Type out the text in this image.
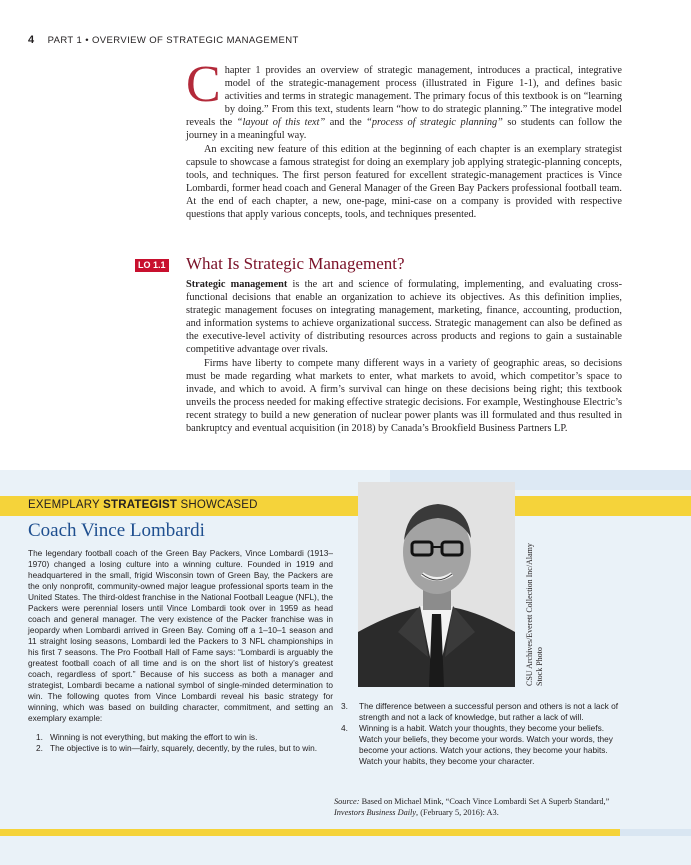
4 PART 1 • OVERVIEW OF STRATEGIC MANAGEMENT

Chapter 1 provides an overview of strategic management, introduces a practical, integrative model of the strategic-management process (illustrated in Figure 1-1), and defines basic activities and terms in strategic management. The primary focus of this textbook is on “learning by doing.” From this text, students learn “how to do strategic planning.” The integrative model reveals the “layout of this text” and the “process of strategic planning” so students can follow the journey in a meaningful way.

An exciting new feature of this edition at the beginning of each chapter is an exemplary strategist capsule to showcase a famous strategist for doing an exemplary job applying strategic-planning concepts, tools, and techniques. The first person featured for excellent strategic-management practices is Vince Lombardi, former head coach and General Manager of the Green Bay Packers professional football team. At the end of each chapter, a new, one-page, mini-case on a company is provided with respective questions that apply various concepts, tools, and techniques presented.

LO 1.1 What Is Strategic Management?

Strategic management is the art and science of formulating, implementing, and evaluating cross-functional decisions that enable an organization to achieve its objectives. As this definition implies, strategic management focuses on integrating management, marketing, finance, accounting, production, and information systems to achieve organizational success. Strategic management can also be defined as the executive-level activity of distributing resources across products and regions to gain a sustainable competitive advantage over rivals.

Firms have liberty to compete many different ways in a variety of geographic areas, so decisions must be made regarding what markets to enter, what markets to avoid, which competitor’s space to invade, and which to avoid. A firm’s survival can hinge on these decisions being right; this textbook unveils the process needed for making effective strategic decisions. For example, Westinghouse Electric’s recent strategy to build a new generation of nuclear power plants was ill formulated and thus resulted in bankruptcy and eventual acquisition (in 2018) by Canada’s Brookfield Business Partners LP.

EXEMPLARY STRATEGIST SHOWCASED
Coach Vince Lombardi

The legendary football coach of the Green Bay Packers, Vince Lombardi (1913–1970) changed a losing culture into a winning culture. Founded in 1919 and headquartered in the small, frigid Wisconsin town of Green Bay, the Packers are the only nonprofit, community-owned major league professional sports team in the United States. The third-oldest franchise in the National Football League (NFL), the Packers were perennial losers until Vince Lombardi took over in 1959 as head coach and general manager. The very existence of the Packer franchise was in jeopardy when Lombardi arrived in Green Bay. Coming off a 1–10–1 season and 11 straight losing seasons, Lombardi led the Packers to 3 NFL championships in his first 7 seasons. The Pro Football Hall of Fame says: “Lombardi is arguably the greatest football coach of all time and is on the short list of history’s greatest coach, regardless of sport.” Because of his success as both a manager and strategist, Lombardi became a national symbol of single-minded determination to win. The following quotes from Vince Lombardi reveal his basic strategy for winning, which was based on building character, commitment, and setting an exemplary example:

1. Winning is not everything, but making the effort to win is.
2. The objective is to win—fairly, squarely, decently, by the rules, but to win.
CSU Archives/Everett Collection Inc/Alamy Stock Photo
3. The difference between a successful person and others is not a lack of strength and not a lack of knowledge, but rather a lack of will.
4. Winning is a habit. Watch your thoughts, they become your beliefs. Watch your beliefs, they become your words. Watch your words, they become your actions. Watch your actions, they become your habits. Watch your habits, they become your character.
Source: Based on Michael Mink, “Coach Vince Lombardi Set A Superb Standard,” Investors Business Daily, (February 5, 2016): A3.
